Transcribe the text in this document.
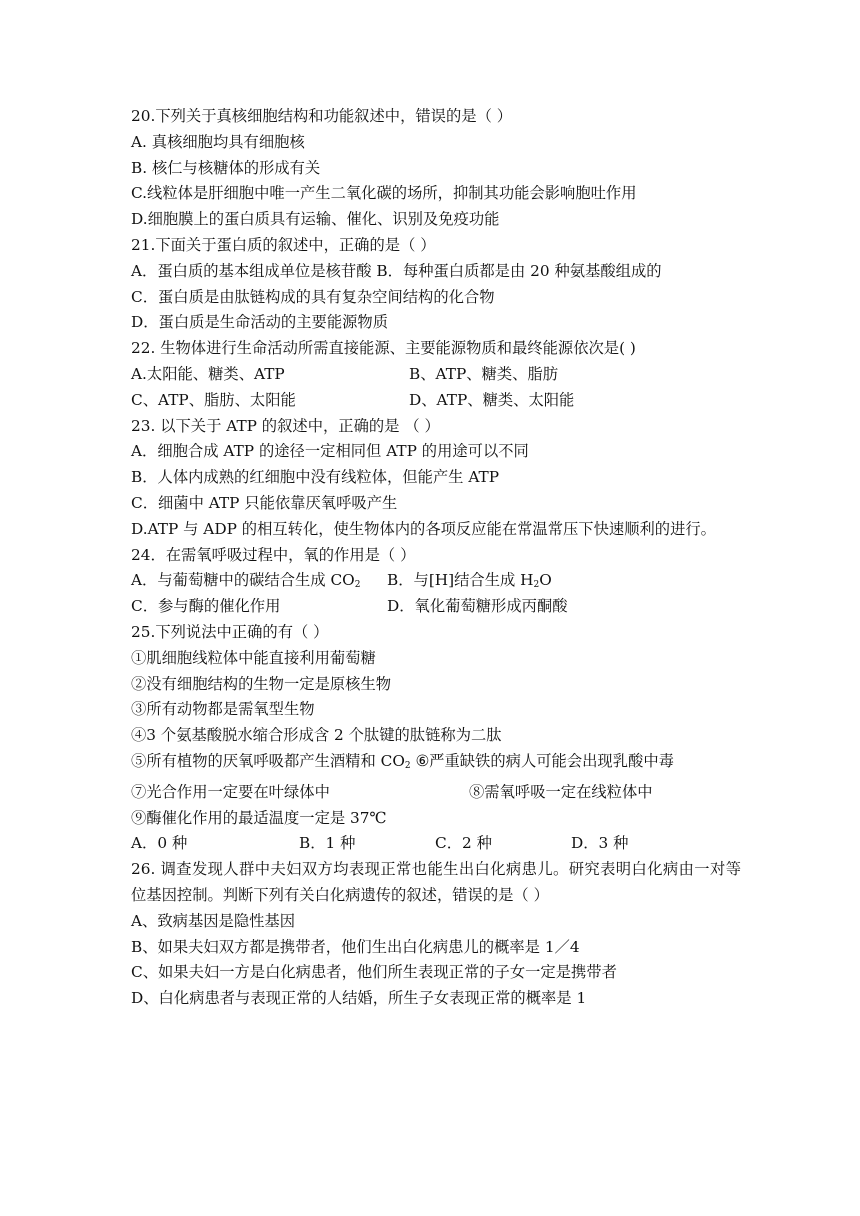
20.下列关于真核细胞结构和功能叙述中，错误的是（ ）
A. 真核细胞均具有细胞核
B. 核仁与核糖体的形成有关
C.线粒体是肝细胞中唯一产生二氧化碳的场所，抑制其功能会影响胞吐作用
D.细胞膜上的蛋白质具有运输、催化、识别及免疫功能
21.下面关于蛋白质的叙述中，正确的是（ ）
A．蛋白质的基本组成单位是核苷酸 B．每种蛋白质都是由 20 种氨基酸组成的
C．蛋白质是由肽链构成的具有复杂空间结构的化合物
D．蛋白质是生命活动的主要能源物质
22. 生物体进行生命活动所需直接能源、主要能源物质和最终能源依次是( )
A.太阳能、糖类、ATP	B、ATP、糖类、脂肪
C、ATP、脂肪、太阳能	D、ATP、糖类、太阳能
23. 以下关于 ATP 的叙述中，正确的是 （ ）
A．细胞合成 ATP 的途径一定相同但 ATP 的用途可以不同
B．人体内成熟的红细胞中没有线粒体，但能产生 ATP
C．细菌中 ATP 只能依靠厌氧呼吸产生
D.ATP 与 ADP 的相互转化，使生物体内的各项反应能在常温常压下快速顺利的进行。
24．在需氧呼吸过程中，氧的作用是（ ）
A．与葡萄糖中的碳结合生成 $CO_2$	B．与[H]结合生成 $H_2O$
C．参与酶的催化作用	D．氧化葡萄糖形成丙酮酸
25.下列说法中正确的有（ ）
①肌细胞线粒体中能直接利用葡萄糖
②没有细胞结构的生物一定是原核生物
③所有动物都是需氧型生物
④3 个氨基酸脱水缩合形成含 2 个肽键的肽链称为二肽
⑤所有植物的厌氧呼吸都产生酒精和 $CO_2$ ⑥严重缺铁的病人可能会出现乳酸中毒
⑦光合作用一定要在叶绿体中	⑧需氧呼吸一定在线粒体中
⑨酶催化作用的最适温度一定是 37℃
A．0 种	B．1 种	C．2 种	D．3 种
26. 调查发现人群中夫妇双方均表现正常也能生出白化病患儿。研究表明白化病由一对等位基因控制。判断下列有关白化病遗传的叙述，错误的是（ ）
A、致病基因是隐性基因
B、如果夫妇双方都是携带者，他们生出白化病患儿的概率是 1／4
C、如果夫妇一方是白化病患者，他们所生表现正常的子女一定是携带者
D、白化病患者与表现正常的人结婚，所生子女表现正常的概率是 1
